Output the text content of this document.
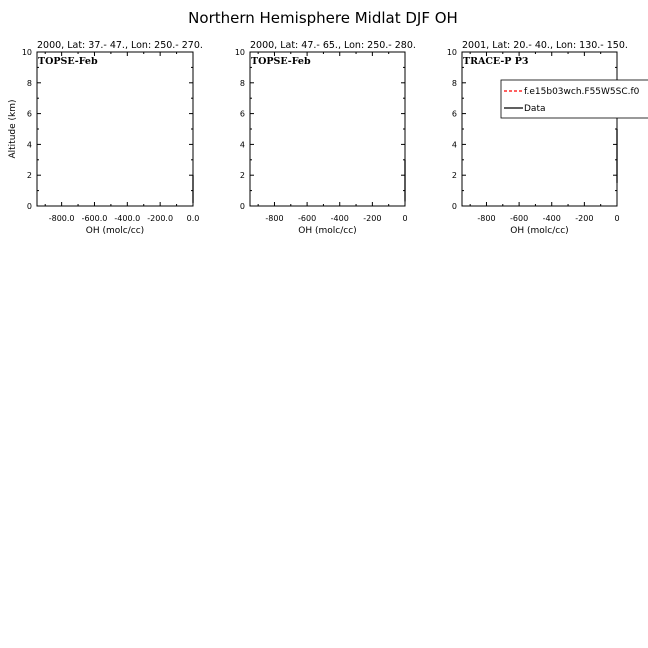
Northern Hemisphere Midlat DJF OH
2000, Lat: 37.- 47., Lon: 250.- 270.
0
2
4
6
8
10
-800.0 -600.0 -400.0 -200.0 0.0
OH (molc/cc)
Altitude (km)
TOPSE-Feb
2000, Lat: 47.- 65., Lon: 250.- 280.
0
2
4
6
8
10
-800 -600 -400 -200	0
OH (molc/cc)
TOPSE-Feb
2001, Lat: 20.- 40., Lon: 130.- 150.
0
2
4
6
8
10
-800 -600 -400 -200	0
OH (molc/cc)
TRACE-P P3
f.e15b03wch.F55W5SC.f0
Data
